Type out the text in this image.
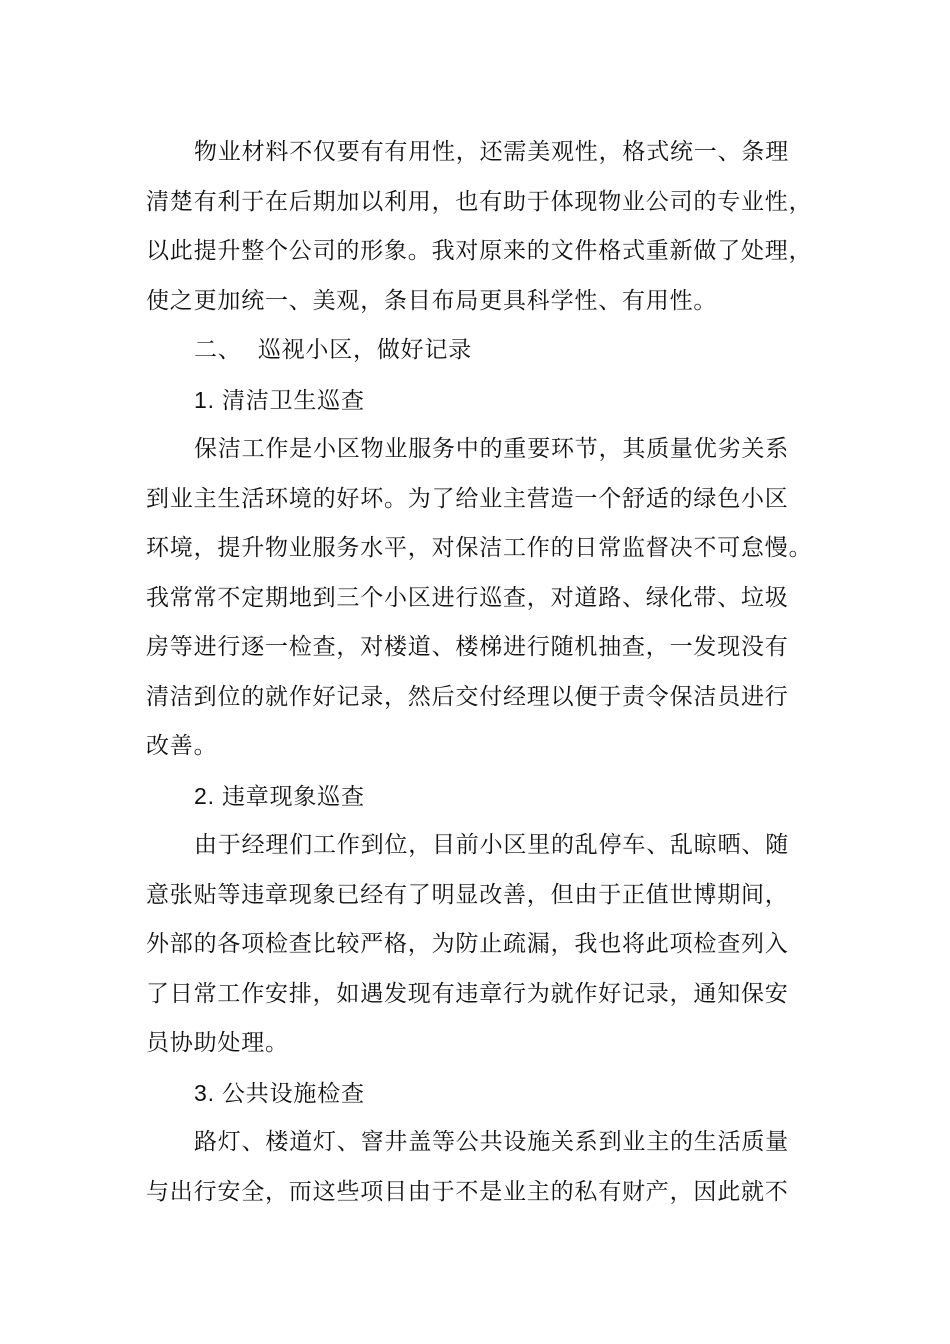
物业材料不仅要有有用性，还需美观性，格式统一、条理
清楚有利于在后期加以利用，也有助于体现物业公司的专业性，
以此提升整个公司的形象。我对原来的文件格式重新做了处理，
使之更加统一、美观，条目布局更具科学性、有用性。
二、  巡视小区，做好记录
1. 清洁卫生巡查
保洁工作是小区物业服务中的重要环节，其质量优劣关系
到业主生活环境的好坏。为了给业主营造一个舒适的绿色小区
环境，提升物业服务水平，对保洁工作的日常监督决不可怠慢。
我常常不定期地到三个小区进行巡查，对道路、绿化带、垃圾
房等进行逐一检查，对楼道、楼梯进行随机抽查，一发现没有
清洁到位的就作好记录，然后交付经理以便于责令保洁员进行
改善。
2. 违章现象巡查
由于经理们工作到位，目前小区里的乱停车、乱晾晒、随
意张贴等违章现象已经有了明显改善，但由于正值世博期间，
外部的各项检查比较严格，为防止疏漏，我也将此项检查列入
了日常工作安排，如遇发现有违章行为就作好记录，通知保安
员协助处理。
3. 公共设施检查
路灯、楼道灯、窨井盖等公共设施关系到业主的生活质量
与出行安全，而这些项目由于不是业主的私有财产，因此就不
